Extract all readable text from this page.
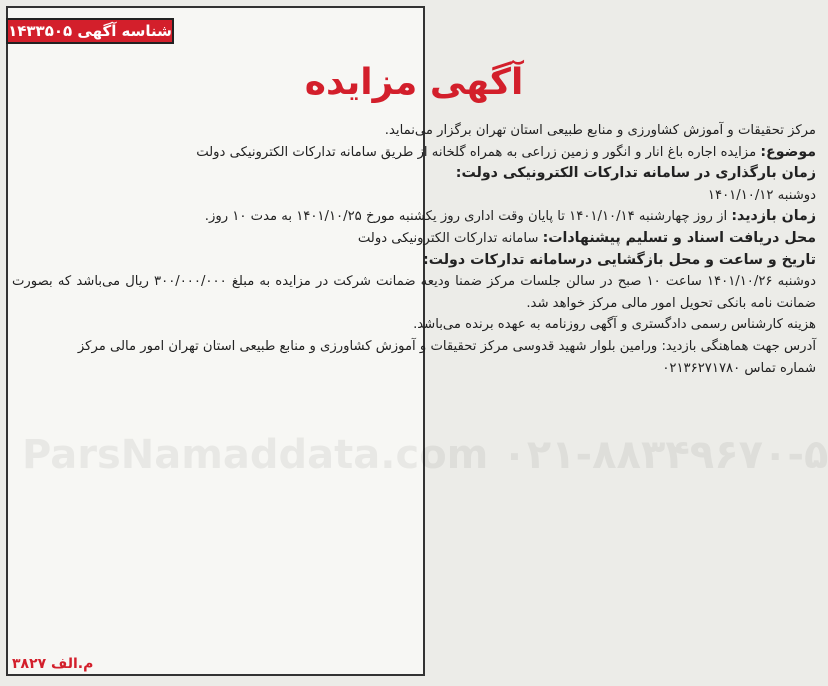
ParsNamaddata.com ۰۲۱-۸۸۳۴۹۶۷۰-۵
شناسه آگهی ۱۴۳۳۵۰۵
آگهی مزایده

مرکز تحقیقات و آموزش کشاورزی و منابع طبیعی استان تهران برگزار می‌نماید.

موضوع: مزایده اجاره باغ انار و انگور و زمین زراعی به همراه گلخانه از طریق سامانه تدارکات الکترونیکی دولت

زمان بارگذاری در سامانه تدارکات الکترونیکی دولت:

دوشنبه ۱۴۰۱/۱۰/۱۲

زمان بازدید: از روز چهارشنبه ۱۴۰۱/۱۰/۱۴ تا پایان وقت اداری روز یکشنبه مورخ ۱۴۰۱/۱۰/۲۵ به مدت ۱۰ روز.

محل دریافت اسناد و تسلیم پیشنهادات: سامانه تدارکات الکترونیکی دولت

تاریخ و ساعت و محل بازگشایی درسامانه تدارکات دولت:

دوشنبه ۱۴۰۱/۱۰/۲۶ ساعت ۱۰ صبح در سالن جلسات مرکز ضمنا ودیعه ضمانت شرکت در مزایده به مبلغ ۳۰۰/۰۰۰/۰۰۰ ریال می‌باشد که بصورت ضمانت نامه بانکی تحویل امور مالی مرکز خواهد شد.

هزینه کارشناس رسمی دادگستری و آگهی روزنامه به عهده برنده می‌باشد.

آدرس جهت هماهنگی بازدید: ورامین بلوار شهید قدوسی مرکز تحقیقات و آموزش کشاورزی و منابع طبیعی استان تهران امور مالی مرکز

شماره تماس ۰۲۱۳۶۲۷۱۷۸۰

م.الف ۳۸۲۷
